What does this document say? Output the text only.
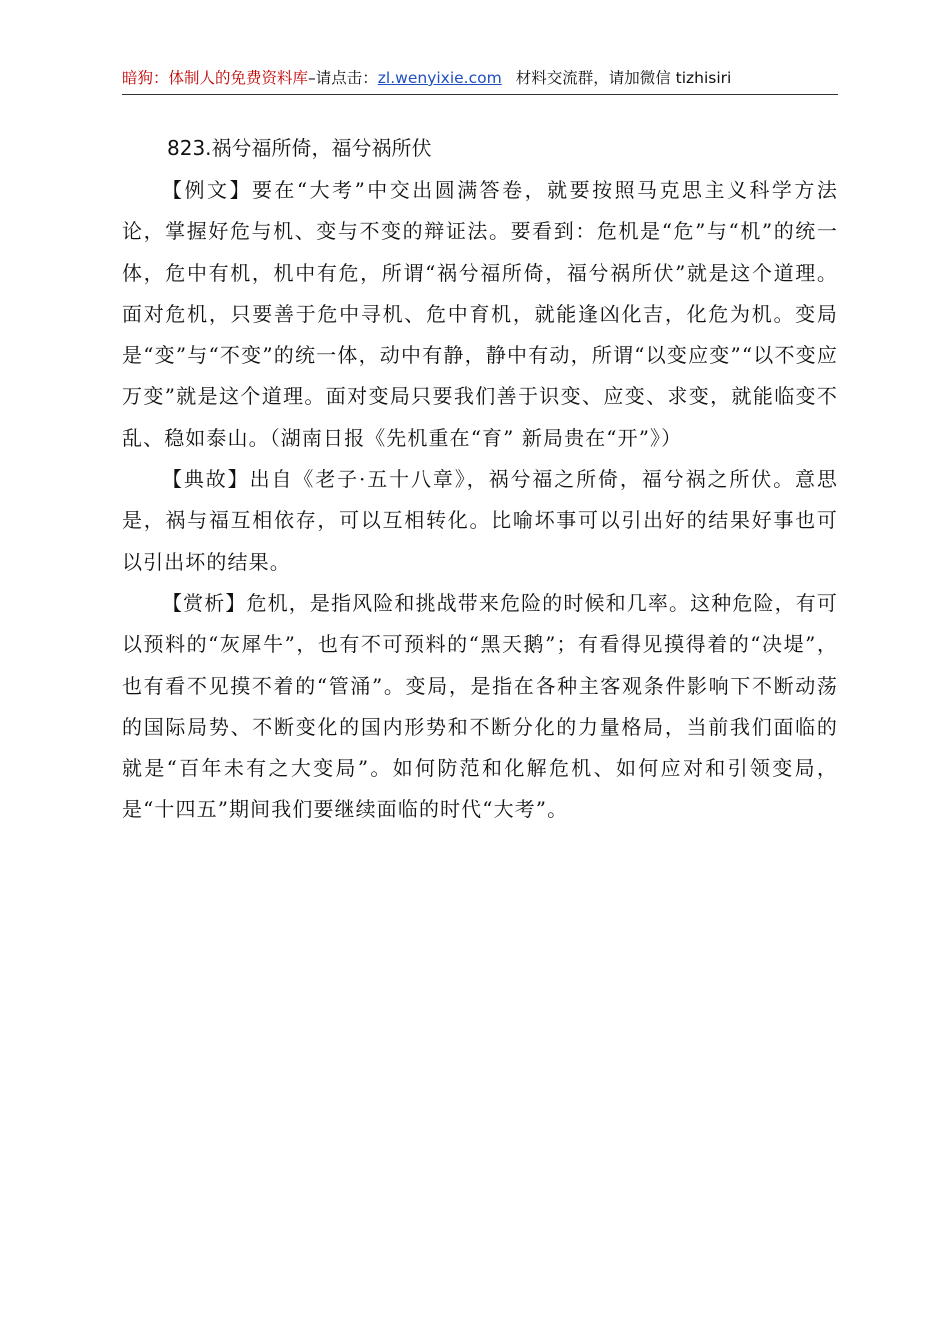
暗狗：体制人的免费资料库–请点击：zl.wenyixie.com 材料交流群，请加微信 tizhisiri
823.祸兮福所倚，福兮祸所伏

【例文】要在“大考”中交出圆满答卷，就要按照马克思主义科学方法论，掌握好危与机、变与不变的辩证法。要看到：危机是“危”与“机”的统一体，危中有机，机中有危，所谓“祸兮福所倚，福兮祸所伏”就是这个道理。面对危机，只要善于危中寻机、危中育机，就能逢凶化吉，化危为机。变局是“变”与“不变”的统一体，动中有静，静中有动，所谓“以变应变”“以不变应万变”就是这个道理。面对变局只要我们善于识变、应变、求变，就能临变不乱、稳如泰山。（湖南日报《先机重在“育” 新局贵在“开”》）

【典故】出自《老子·五十八章》，祸兮福之所倚，福兮祸之所伏。意思是，祸与福互相依存，可以互相转化。比喻坏事可以引出好的结果好事也可以引出坏的结果。

【赏析】危机，是指风险和挑战带来危险的时候和几率。这种危险，有可以预料的“灰犀牛”，也有不可预料的“黑天鹅”；有看得见摸得着的“决堤”，也有看不见摸不着的“管涌”。变局，是指在各种主客观条件影响下不断动荡的国际局势、不断变化的国内形势和不断分化的力量格局，当前我们面临的就是“百年未有之大变局”。如何防范和化解危机、如何应对和引领变局，是“十四五”期间我们要继续面临的时代“大考”。
